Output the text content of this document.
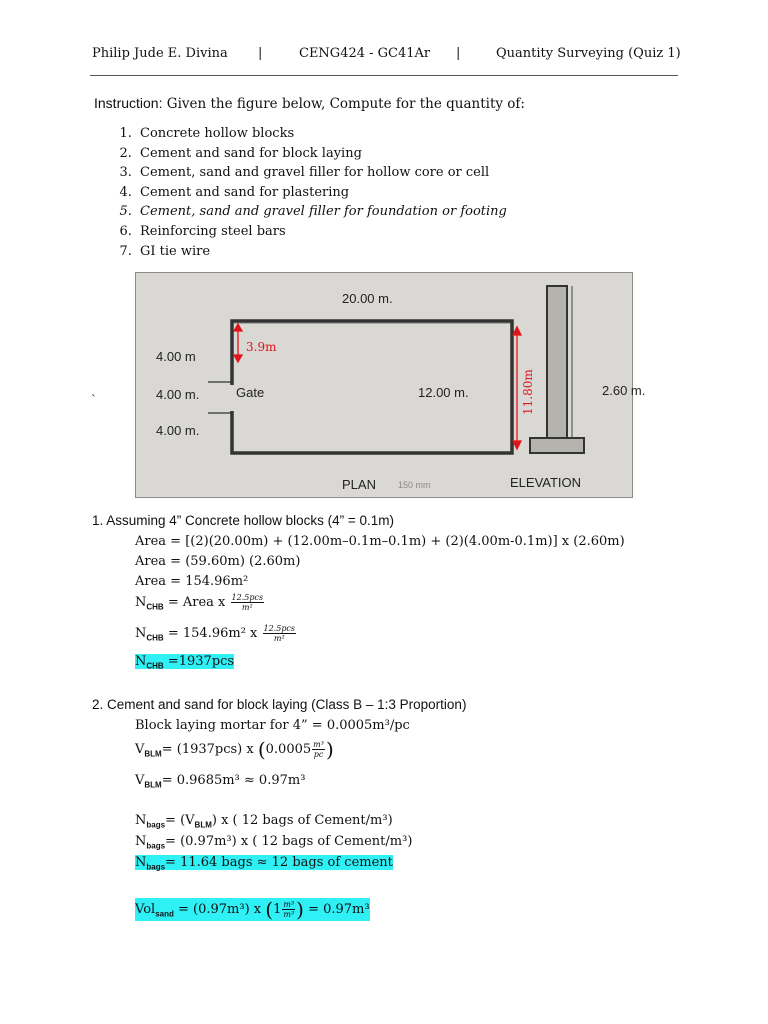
Philip Jude E. Divina |	CENG424 - GC41Ar |	Quantity Surveying (Quiz 1)
Instruction: Given the figure below, Compute for the quantity of:
1. Concrete hollow blocks
2. Cement and sand for block laying
3. Cement, sand and gravel filler for hollow core or cell
4. Cement and sand for plastering
5. Cement, sand and gravel filler for foundation or footing
6. Reinforcing steel bars
7. GI tie wire
3.9m
11.80m
20.00 m.
4.00 m
4.00 m.
4.00 m.
Gate	12.00 m.	2.60 m.
PLAN 150 mm	ELEVATION
`
1. Assuming 4” Concrete hollow blocks (4” = 0.1m)
Area = [(2)(20.00m) + (12.00m–0.1m–0.1m) + (2)(4.00m-0.1m)] x (2.60m)
Area = (59.60m) (2.60m)
Area = 154.96m²
$N_{CHB}$ = Area x $\frac{\text{12.5pcs}}{\text{m²}}$
$N_{CHB} = 154.96m^2$ x $\frac{\text{12.5pcs}}{\text{m²}}$
$N_{CHB} =1937pcs$
2. Cement and sand for block laying (Class B – 1:3 Proportion)
Block laying mortar for 4” = 0.0005m³/pc
$V_{BLM}= (1937pcs)$ x ($0.0005 \frac{\text{m³}}{pc}$ )
$V_{BLM}= 0.9685m^3 \approx 0.97m^3$
$N_{bags}= (V_{BLM})$ x ( 12 bags of Cement/m³)
$N_{bags}= (0.97m^3)$ x ( 12 bags of Cement/m³)
$N_{bags}= 11.64$ bags ≈ 12 bags of cement
Vol$_{sand}$ = (0.97m³) x ($1 \frac{\text{m³}}{\text{m³}}$ ) = 0.97m³
